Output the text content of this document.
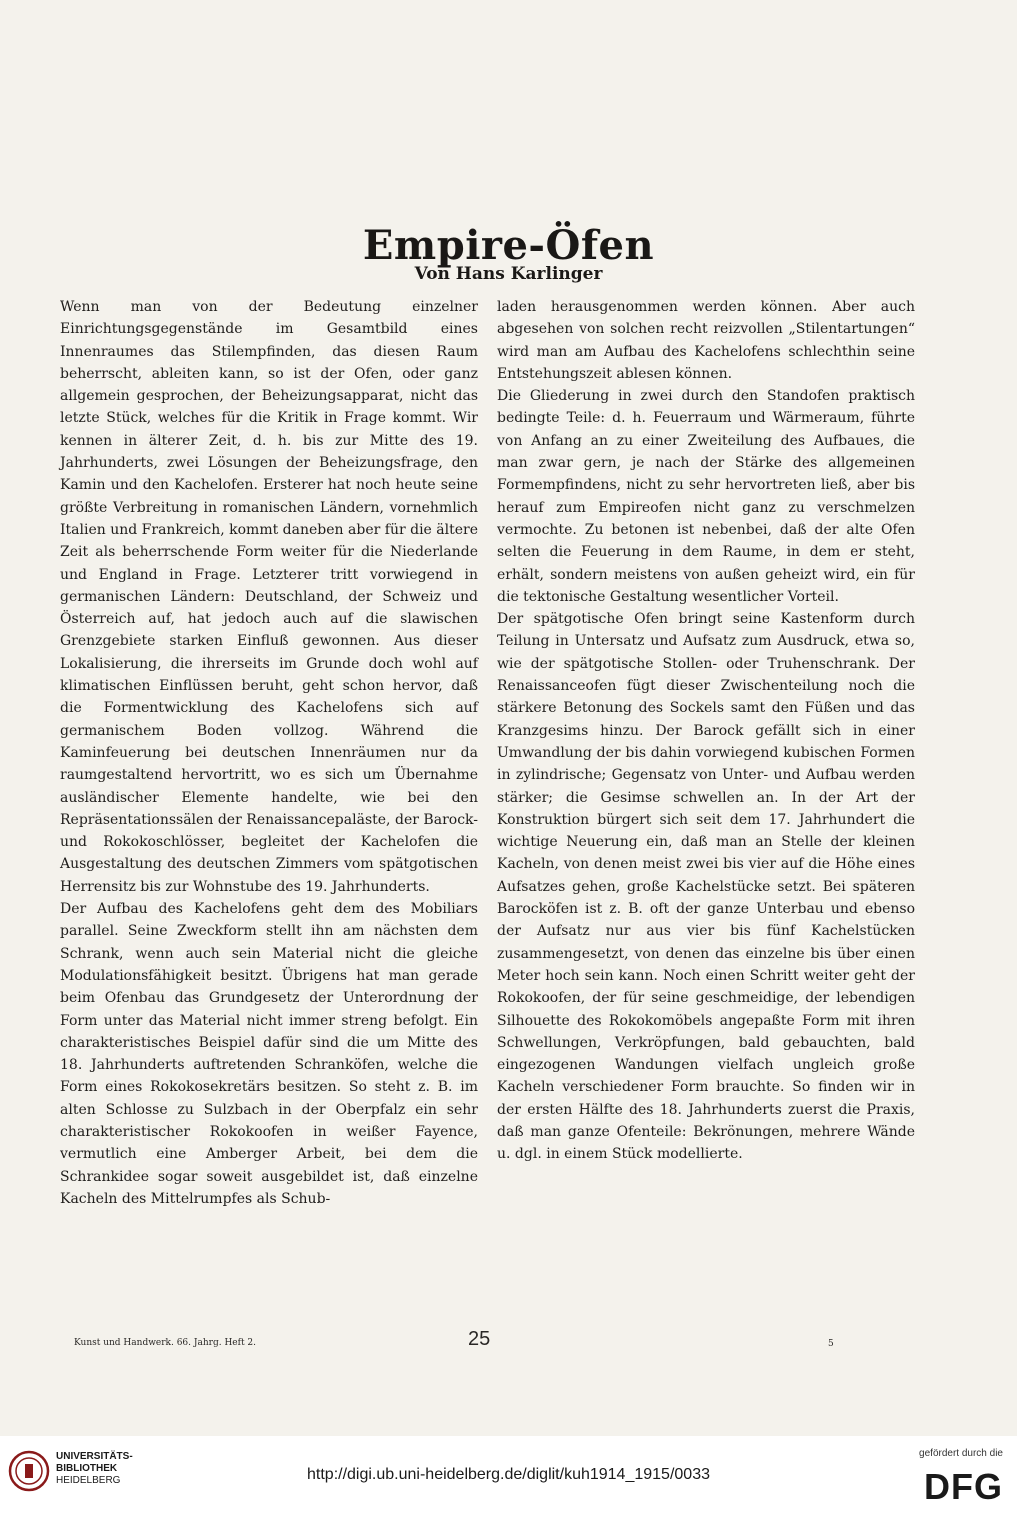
Empire-Öfen
Von Hans Karlinger

Wenn man von der Bedeutung einzelner Einrichtungsgegenstände im Gesamtbild eines Innenraumes das Stilempfinden, das diesen Raum beherrscht, ableiten kann, so ist der Ofen, oder ganz allgemein gesprochen, der Beheizungsapparat, nicht das letzte Stück, welches für die Kritik in Frage kommt. Wir kennen in älterer Zeit, d. h. bis zur Mitte des 19. Jahrhunderts, zwei Lösungen der Beheizungsfrage, den Kamin und den Kachelofen. Ersterer hat noch heute seine größte Verbreitung in romanischen Ländern, vornehmlich Italien und Frankreich, kommt daneben aber für die ältere Zeit als beherrschende Form weiter für die Niederlande und England in Frage. Letzterer tritt vorwiegend in germanischen Ländern: Deutschland, der Schweiz und Österreich auf, hat jedoch auch auf die slawischen Grenzgebiete starken Einfluß gewonnen. Aus dieser Lokalisierung, die ihrerseits im Grunde doch wohl auf klimatischen Einflüssen beruht, geht schon hervor, daß die Formentwicklung des Kachelofens sich auf germanischem Boden vollzog. Während die Kaminfeuerung bei deutschen Innenräumen nur da raumgestaltend hervortritt, wo es sich um Übernahme ausländischer Elemente handelte, wie bei den Repräsentationssälen der Renaissancepaläste, der Barock- und Rokokoschlösser, begleitet der Kachelofen die Ausgestaltung des deutschen Zimmers vom spätgotischen Herrensitz bis zur Wohnstube des 19. Jahrhunderts.

Der Aufbau des Kachelofens geht dem des Mobiliars parallel. Seine Zweckform stellt ihn am nächsten dem Schrank, wenn auch sein Material nicht die gleiche Modulationsfähigkeit besitzt. Übrigens hat man gerade beim Ofenbau das Grundgesetz der Unterordnung der Form unter das Material nicht immer streng befolgt. Ein charakteristisches Beispiel dafür sind die um Mitte des 18. Jahrhunderts auftretenden Schranköfen, welche die Form eines Rokokosekretärs besitzen. So steht z. B. im alten Schlosse zu Sulzbach in der Oberpfalz ein sehr charakteristischer Rokokoofen in weißer Fayence, vermutlich eine Amberger Arbeit, bei dem die Schrankidee sogar soweit ausgebildet ist, daß einzelne Kacheln des Mittelrumpfes als Schub-

laden herausgenommen werden können. Aber auch abgesehen von solchen recht reizvollen „Stilentartungen“ wird man am Aufbau des Kachelofens schlechthin seine Entstehungszeit ablesen können.

Die Gliederung in zwei durch den Standofen praktisch bedingte Teile: d. h. Feuerraum und Wärmeraum, führte von Anfang an zu einer Zweiteilung des Aufbaues, die man zwar gern, je nach der Stärke des allgemeinen Formempfindens, nicht zu sehr hervortreten ließ, aber bis herauf zum Empireofen nicht ganz zu verschmelzen vermochte. Zu betonen ist nebenbei, daß der alte Ofen selten die Feuerung in dem Raume, in dem er steht, erhält, sondern meistens von außen geheizt wird, ein für die tektonische Gestaltung wesentlicher Vorteil.

Der spätgotische Ofen bringt seine Kastenform durch Teilung in Untersatz und Aufsatz zum Ausdruck, etwa so, wie der spätgotische Stollen- oder Truhenschrank. Der Renaissanceofen fügt dieser Zwischenteilung noch die stärkere Betonung des Sockels samt den Füßen und das Kranzgesims hinzu. Der Barock gefällt sich in einer Umwandlung der bis dahin vorwiegend kubischen Formen in zylindrische; Gegensatz von Unter- und Aufbau werden stärker; die Gesimse schwellen an. In der Art der Konstruktion bürgert sich seit dem 17. Jahrhundert die wichtige Neuerung ein, daß man an Stelle der kleinen Kacheln, von denen meist zwei bis vier auf die Höhe eines Aufsatzes gehen, große Kachelstücke setzt. Bei späteren Barocköfen ist z. B. oft der ganze Unterbau und ebenso der Aufsatz nur aus vier bis fünf Kachelstücken zusammengesetzt, von denen das einzelne bis über einen Meter hoch sein kann. Noch einen Schritt weiter geht der Rokokoofen, der für seine geschmeidige, der lebendigen Silhouette des Rokokomöbels angepaßte Form mit ihren Schwellungen, Verkröpfungen, bald gebauchten, bald eingezogenen Wandungen vielfach ungleich große Kacheln verschiedener Form brauchte. So finden wir in der ersten Hälfte des 18. Jahrhunderts zuerst die Praxis, daß man ganze Ofenteile: Bekrönungen, mehrere Wände u. dgl. in einem Stück modellierte.

Kunst und Handwerk. 66. Jahrg. Heft 2.	25	5
UNIVERSITÄTS-
BIBLIOTHEK
HEIDELBERG	http://digi.ub.uni-heidelberg.de/diglit/kuh1914_1915/0033
gefördert durch die
DFG
